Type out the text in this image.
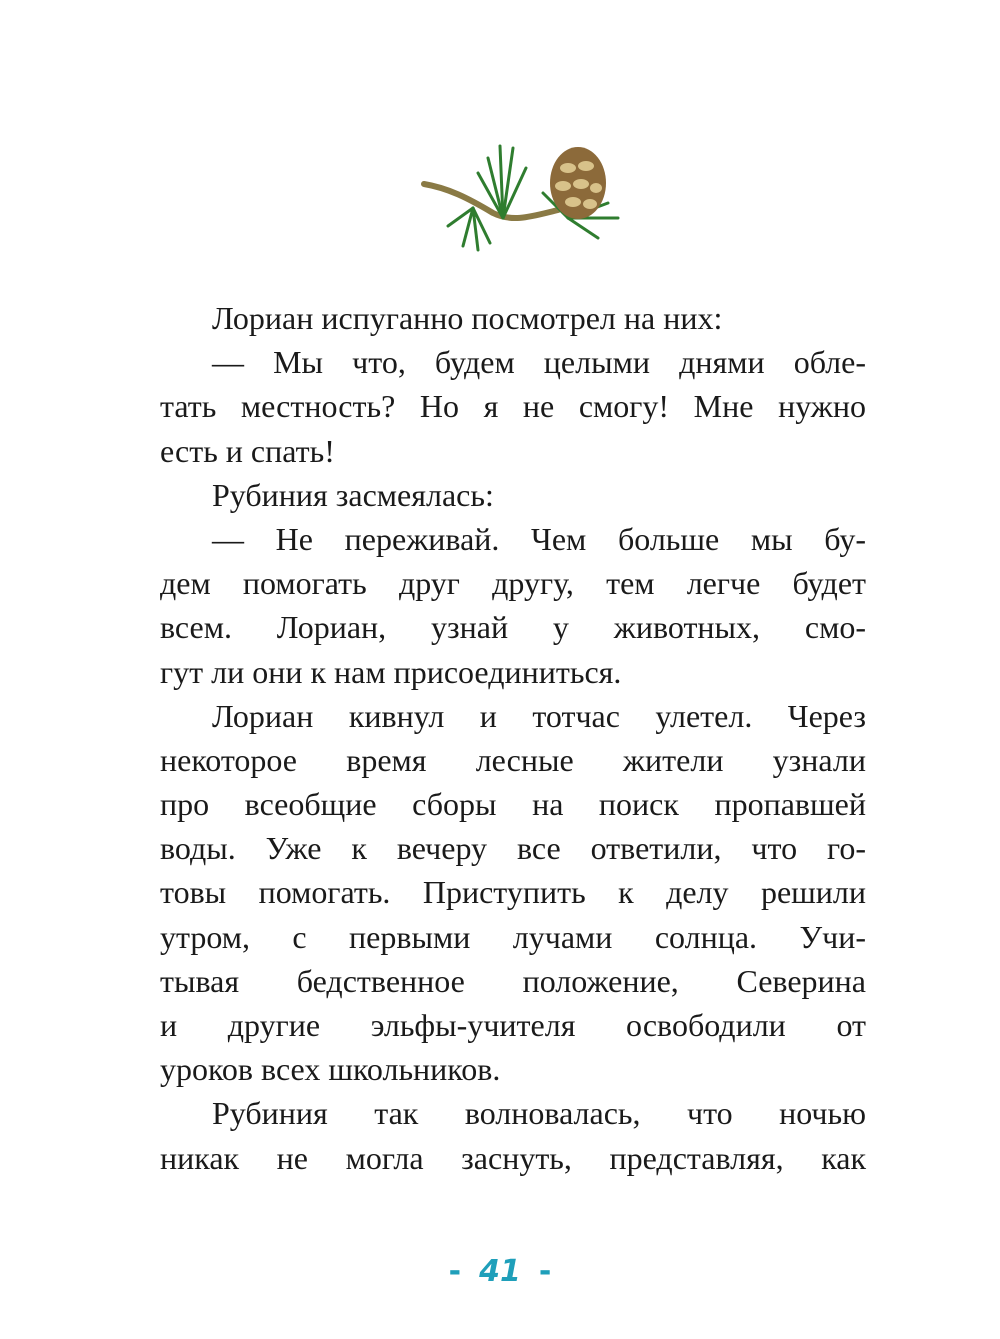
Лориан испуганно посмотрел на них:
— Мы что, будем целыми днями обле-
тать местность? Но я не смогу! Мне нужно
есть и спать!
Рубиния засмеялась:
— Не переживай. Чем больше мы бу-
дем помогать друг другу, тем легче будет
всем. Лориан, узнай у животных, смо-
гут ли они к нам присоединиться.
Лориан кивнул и тотчас улетел. Через
некоторое время лесные жители узнали
про всеобщие сборы на поиск пропавшей
воды. Уже к вечеру все ответили, что го-
товы помогать. Приступить к делу решили
утром, с первыми лучами солнца. Учи-
тывая бедственное положение, Северина
и другие эльфы-учителя освободили от
уроков всех школьников.
Рубиния так волновалась, что ночью
никак не могла заснуть, представляя, как
- 41 -
